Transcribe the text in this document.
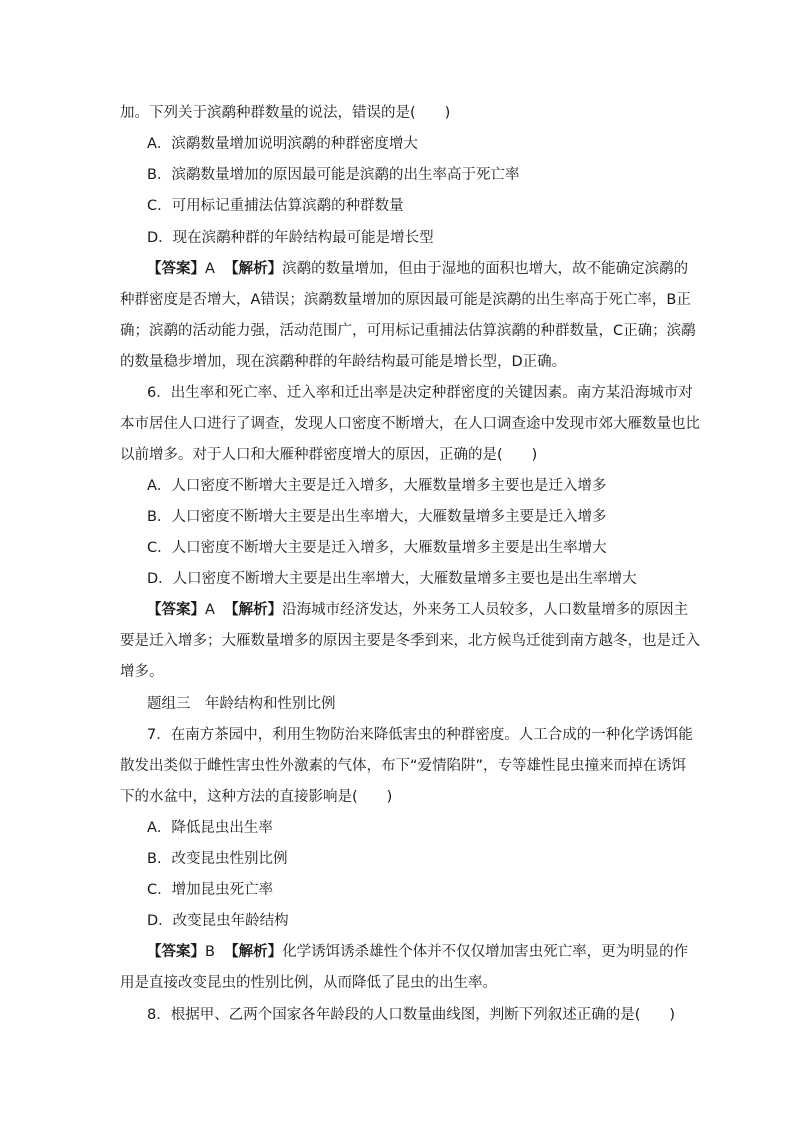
加。下列关于滨鹬种群数量的说法，错误的是(　　)
A．滨鹬数量增加说明滨鹬的种群密度增大
B．滨鹬数量增加的原因最可能是滨鹬的出生率高于死亡率
C．可用标记重捕法估算滨鹬的种群数量
D．现在滨鹬种群的年龄结构最可能是增长型
【答案】A 【解析】滨鹬的数量增加，但由于湿地的面积也增大，故不能确定滨鹬的
种群密度是否增大，A错误；滨鹬数量增加的原因最可能是滨鹬的出生率高于死亡率，B正
确；滨鹬的活动能力强，活动范围广，可用标记重捕法估算滨鹬的种群数量，C正确；滨鹬
的数量稳步增加，现在滨鹬种群的年龄结构最可能是增长型，D正确。
6．出生率和死亡率、迁入率和迁出率是决定种群密度的关键因素。南方某沿海城市对
本市居住人口进行了调查，发现人口密度不断增大，在人口调查途中发现市郊大雁数量也比
以前增多。对于人口和大雁种群密度增大的原因，正确的是(　　)
A．人口密度不断增大主要是迁入增多，大雁数量增多主要也是迁入增多
B．人口密度不断增大主要是出生率增大，大雁数量增多主要是迁入增多
C．人口密度不断增大主要是迁入增多，大雁数量增多主要是出生率增大
D．人口密度不断增大主要是出生率增大，大雁数量增多主要也是出生率增大
【答案】A 【解析】沿海城市经济发达，外来务工人员较多，人口数量增多的原因主
要是迁入增多；大雁数量增多的原因主要是冬季到来，北方候鸟迁徙到南方越冬，也是迁入
增多。
题组三　年龄结构和性别比例
7．在南方茶园中，利用生物防治来降低害虫的种群密度。人工合成的一种化学诱饵能
散发出类似于雌性害虫性外激素的气体，布下“爱情陷阱”，专等雄性昆虫撞来而掉在诱饵
下的水盆中，这种方法的直接影响是(　　)
A．降低昆虫出生率
B．改变昆虫性别比例
C．增加昆虫死亡率
D．改变昆虫年龄结构
【答案】B 【解析】化学诱饵诱杀雄性个体并不仅仅增加害虫死亡率，更为明显的作
用是直接改变昆虫的性别比例，从而降低了昆虫的出生率。
8．根据甲、乙两个国家各年龄段的人口数量曲线图，判断下列叙述正确的是(　　)
